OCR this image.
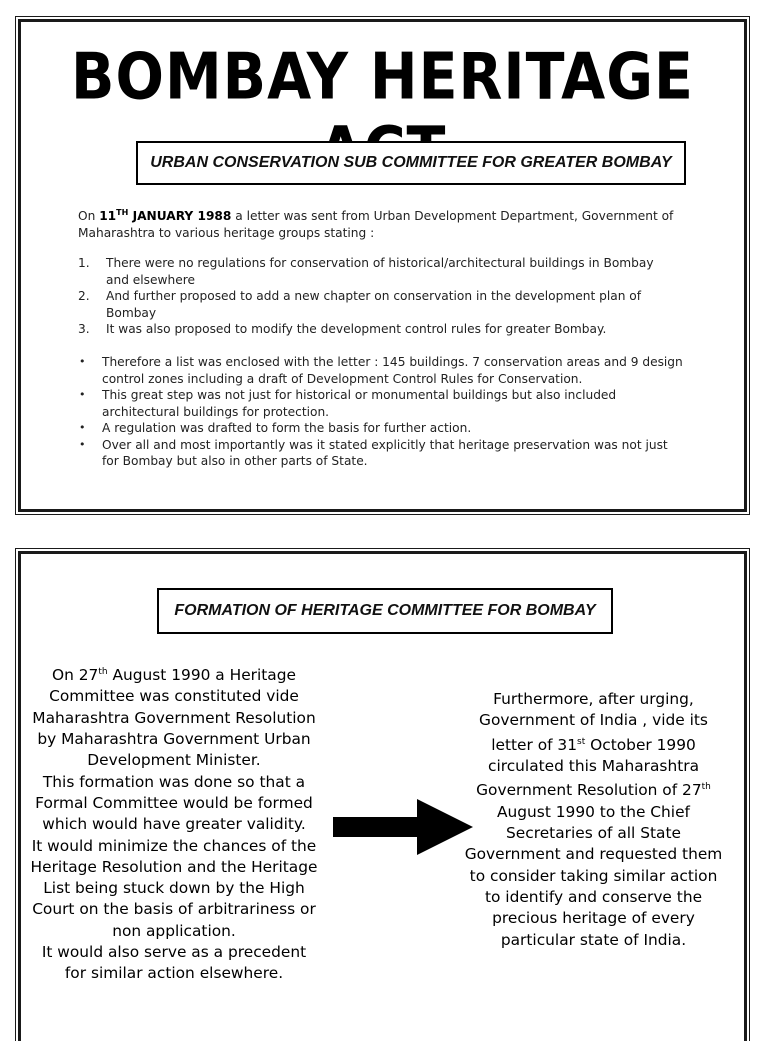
BOMBAY HERITAGE
URBAN CONSERVATION SUB COMMITTEE FOR GREATER BOMBAY
On 11TH JANUARY 1988 a letter was sent from Urban Development Department, Government of Maharashtra to various heritage groups stating :
1. There were no regulations for conservation of historical/architectural buildings in Bombay and elsewhere
2. And further proposed to add a new chapter on conservation in the development plan of Bombay
3. It was also proposed to modify the development control rules for greater Bombay.
• Therefore a list was enclosed with the letter : 145 buildings. 7 conservation areas and 9 design control zones including a draft of Development Control Rules for Conservation.
• This great step was not just for historical or monumental buildings but also included architectural buildings for protection.
• A regulation was drafted to form the basis for further action.
• Over all and most importantly was it stated explicitly that heritage preservation was not just for Bombay but also in other parts of State.
FORMATION OF HERITAGE COMMITTEE FOR BOMBAY
On 27th August 1990 a Heritage Committee was constituted vide Maharashtra Government Resolution by Maharashtra Government Urban Development Minister.
This formation was done so that a Formal Committee would be formed which would have greater validity.
It would minimize the chances of the Heritage Resolution and the Heritage List being stuck down by the High Court on the basis of arbitrariness or non application.
It would also serve as a precedent for similar action elsewhere.
Furthermore, after urging, Government of India , vide its letter of 31st October 1990 circulated this Maharashtra Government Resolution of 27th August 1990 to the Chief Secretaries of all State Government and requested them to consider taking similar action to identify and conserve the precious heritage of every particular state of India.
